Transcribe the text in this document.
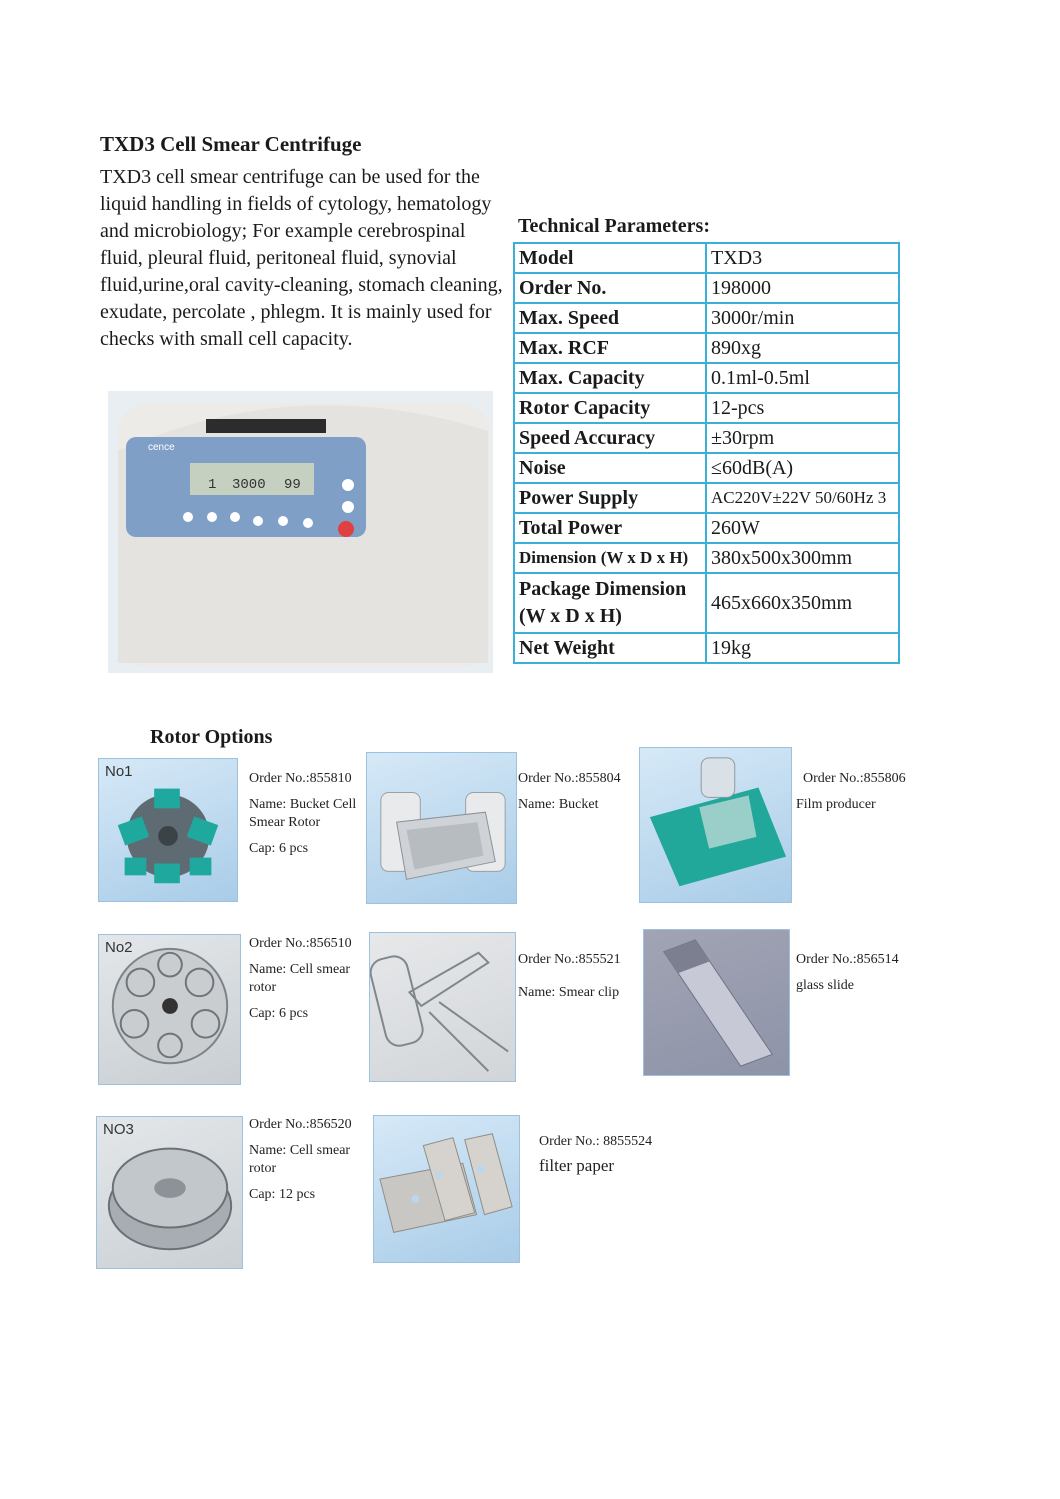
TXD3 Cell Smear Centrifuge
TXD3 cell smear centrifuge can be used for the liquid handling in fields of cytology, hematology and microbiology; For example cerebrospinal fluid, pleural fluid, peritoneal fluid, synovial fluid,urine,oral cavity-cleaning, stomach cleaning, exudate, percolate , phlegm. It is mainly used for checks with small cell capacity.
cence
1 3000 99
Technical Parameters:
Model	TXD3
Order No.	198000
Max. Speed	3000r/min
Max. RCF	890xg
Max. Capacity	0.1ml-0.5ml
Rotor Capacity	12-pcs
Speed Accuracy	±30rpm
Noise	≤60dB(A)
Power Supply	AC220V±22V 50/60Hz 3
Total Power	260W
Dimension (W x D x H)	380x500x300mm
Package Dimension (W x D x H)	465x660x350mm
Net Weight	19kg
Rotor Options
No1	Order No.:855810
Name: Bucket Cell Smear Rotor
Cap: 6 pcs
Order No.:855804
Name: Bucket
Order No.:855806
Film producer
No2	Order No.:856510
Name: Cell smear rotor
Cap: 6 pcs
Order No.:855521
Name: Smear clip
Order No.:856514
glass slide
NO3	Order No.:856520
Name: Cell smear rotor
Cap: 12 pcs
Order No.: 8855524
filter paper
